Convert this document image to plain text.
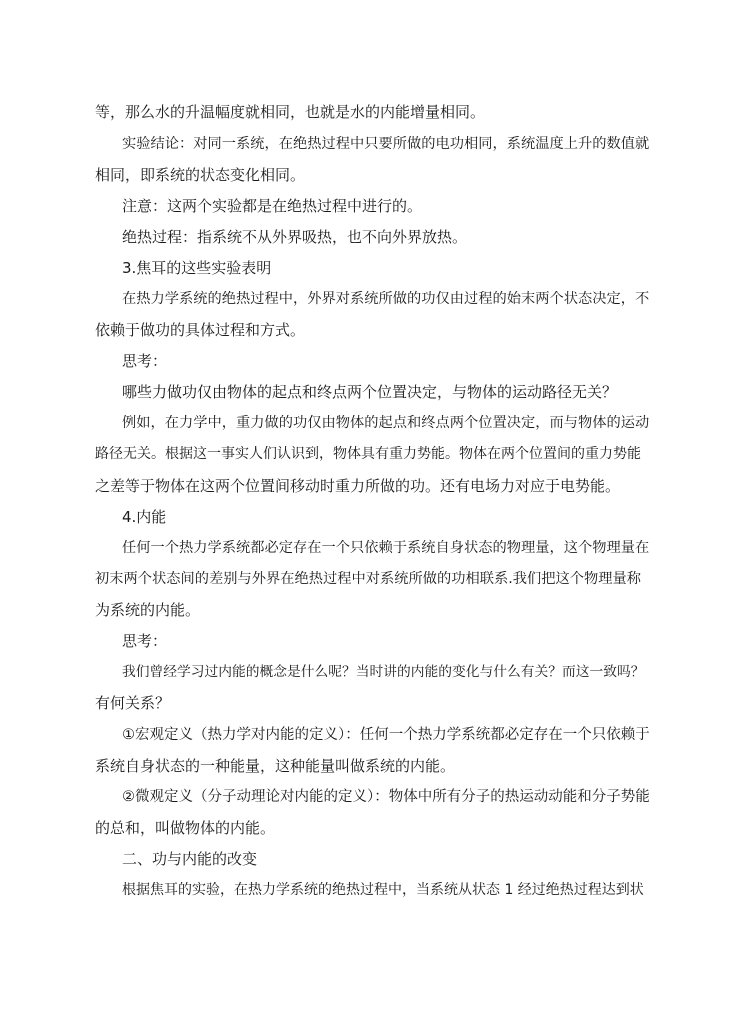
等，那么水的升温幅度就相同，也就是水的内能增量相同。
实验结论：对同一系统，在绝热过程中只要所做的电功相同，系统温度上升的数值就
相同，即系统的状态变化相同。
注意：这两个实验都是在绝热过程中进行的。
绝热过程：指系统不从外界吸热，也不向外界放热。
3.焦耳的这些实验表明
在热力学系统的绝热过程中，外界对系统所做的功仅由过程的始末两个状态决定，不
依赖于做功的具体过程和方式。
思考：
哪些力做功仅由物体的起点和终点两个位置决定，与物体的运动路径无关？
例如，在力学中，重力做的功仅由物体的起点和终点两个位置决定，而与物体的运动
路径无关。根据这一事实人们认识到，物体具有重力势能。物体在两个位置间的重力势能
之差等于物体在这两个位置间移动时重力所做的功。还有电场力对应于电势能。
4.内能
任何一个热力学系统都必定存在一个只依赖于系统自身状态的物理量，这个物理量在
初末两个状态间的差别与外界在绝热过程中对系统所做的功相联系.我们把这个物理量称
为系统的内能。
思考：
我们曾经学习过内能的概念是什么呢？当时讲的内能的变化与什么有关？而这一致吗？
有何关系？
①宏观定义（热力学对内能的定义）：任何一个热力学系统都必定存在一个只依赖于
系统自身状态的一种能量，这种能量叫做系统的内能。
②微观定义（分子动理论对内能的定义）：物体中所有分子的热运动动能和分子势能
的总和，叫做物体的内能。
二、功与内能的改变
根据焦耳的实验，在热力学系统的绝热过程中，当系统从状态 1 经过绝热过程达到状
